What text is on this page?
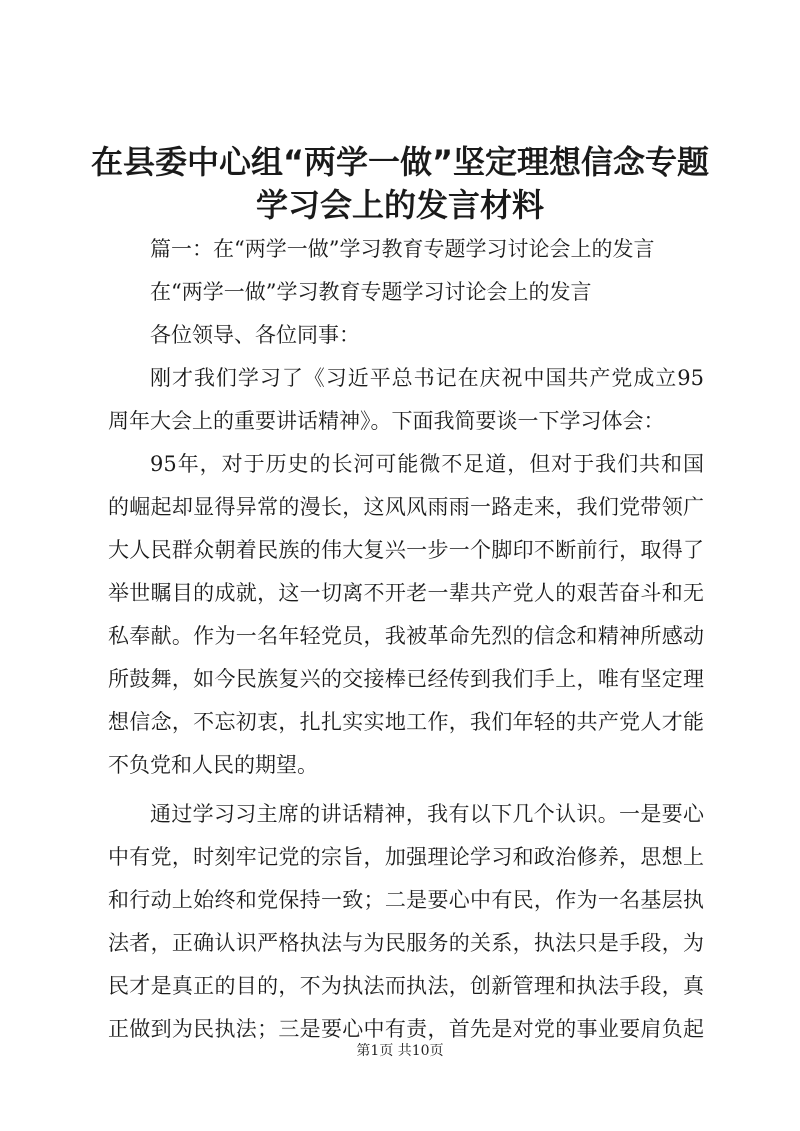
在县委中心组“两学一做”坚定理想信念专题
学习会上的发言材料
篇一：在“两学一做”学习教育专题学习讨论会上的发言
在“两学一做”学习教育专题学习讨论会上的发言
各位领导、各位同事：
刚才我们学习了《习近平总书记在庆祝中国共产党成立95
周年大会上的重要讲话精神》。下面我简要谈一下学习体会：
95年，对于历史的长河可能微不足道，但对于我们共和国
的崛起却显得异常的漫长，这风风雨雨一路走来，我们党带领广
大人民群众朝着民族的伟大复兴一步一个脚印不断前行，取得了
举世瞩目的成就，这一切离不开老一辈共产党人的艰苦奋斗和无
私奉献。作为一名年轻党员，我被革命先烈的信念和精神所感动
所鼓舞，如今民族复兴的交接棒已经传到我们手上，唯有坚定理
想信念，不忘初衷，扎扎实实地工作，我们年轻的共产党人才能
不负党和人民的期望。
通过学习习主席的讲话精神，我有以下几个认识。一是要心
中有党，时刻牢记党的宗旨，加强理论学习和政治修养，思想上
和行动上始终和党保持一致；二是要心中有民，作为一名基层执
法者，正确认识严格执法与为民服务的关系，执法只是手段，为
民才是真正的目的，不为执法而执法，创新管理和执法手段，真
正做到为民执法；三是要心中有责，首先是对党的事业要肩负起
第1页 共10页
